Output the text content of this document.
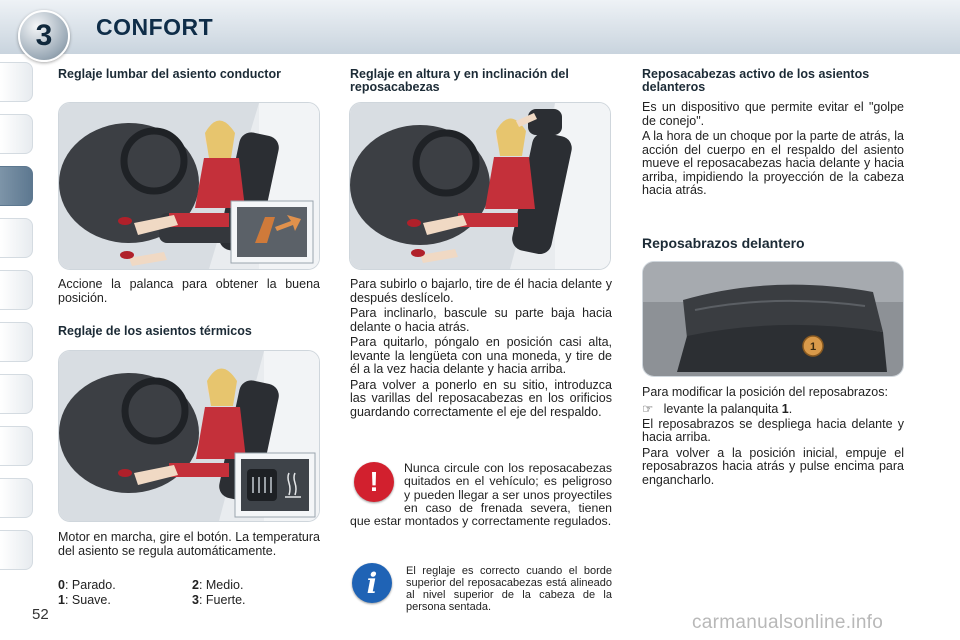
3	CONFORT

Reglaje lumbar del asiento conductor

Accione la palanca para obtener la buena posición.

Reglaje de los asientos térmicos

Motor en marcha, gire el botón. La temperatura del asiento se regula automáticamente.

0: Parado.	2: Medio.
1: Suave.	3: Fuerte.

Reglaje en altura y en inclinación del reposacabezas

Para subirlo o bajarlo, tire de él hacia delante y después deslícelo.

Para inclinarlo, bascule su parte baja hacia delante o hacia atrás.

Para quitarlo, póngalo en posición casi alta, levante la lengüeta con una moneda, y tire de él a la vez hacia delante y hacia arriba.

Para volver a ponerlo en su sitio, introduzca las varillas del reposacabezas en los orificios guardando correctamente el eje del respaldo.

!	Nunca circule con los reposacabezas quitados en el vehículo; es peligroso y pueden llegar a ser unos proyectiles en caso de frenada severa, tienen que estar montados y correctamente regulados.

i	El reglaje es correcto cuando el borde superior del reposacabezas está alineado al nivel superior de la cabeza de la persona sentada.

Reposacabezas activo de los asientos delanteros

Es un dispositivo que permite evitar el "golpe de conejo".

A la hora de un choque por la parte de atrás, la acción del cuerpo en el respaldo del asiento mueve el reposacabezas hacia delante y hacia arriba, impidiendo la proyección de la cabeza hacia atrás.

Reposabrazos delantero

1

Para modificar la posición del reposabrazos:

☞ levante la palanquita 1.

El reposabrazos se despliega hacia delante y hacia arriba.

Para volver a la posición inicial, empuje el reposabrazos hacia atrás y pulse encima para engancharlo.

52	carmanualsonline.info
